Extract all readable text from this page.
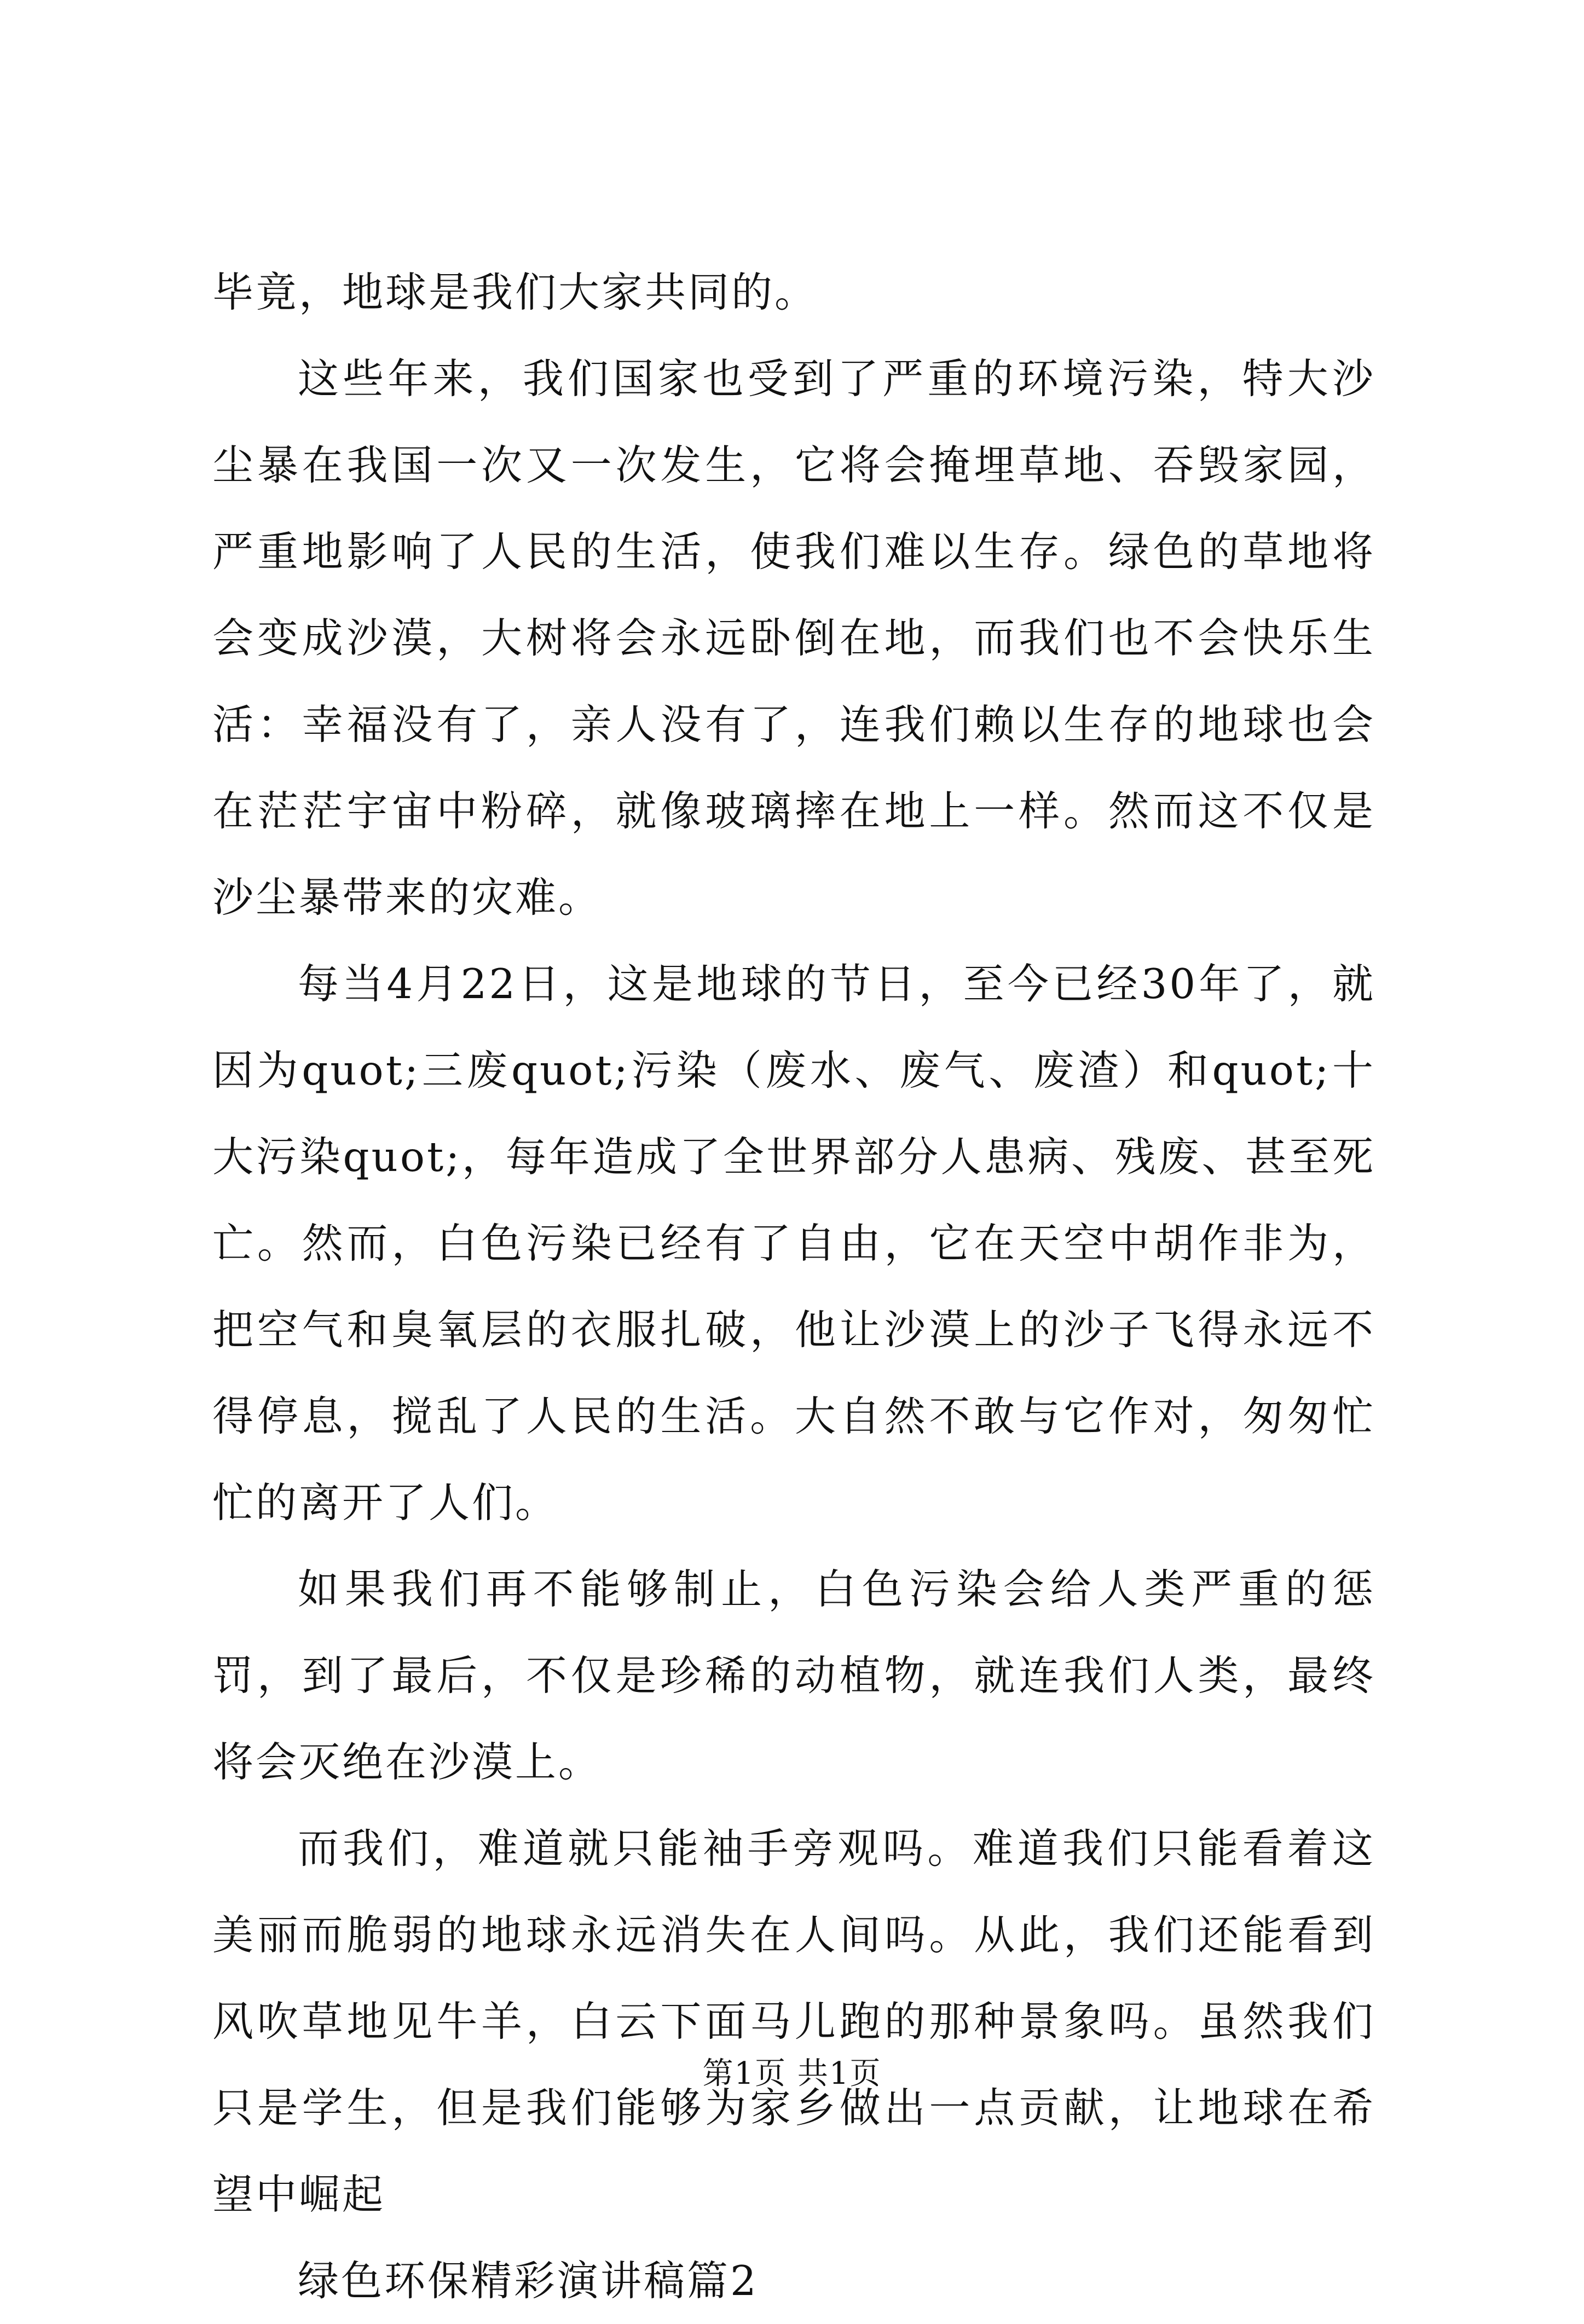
毕竟，地球是我们大家共同的。

这些年来，我们国家也受到了严重的环境污染，特大沙尘暴在我国一次又一次发生，它将会掩埋草地、吞毁家园，严重地影响了人民的生活，使我们难以生存。绿色的草地将会变成沙漠，大树将会永远卧倒在地，而我们也不会快乐生活：幸福没有了，亲人没有了，连我们赖以生存的地球也会在茫茫宇宙中粉碎，就像玻璃摔在地上一样。然而这不仅是沙尘暴带来的灾难。

每当4月22日，这是地球的节日，至今已经30年了，就因为quot;三废quot;污染（废水、废气、废渣）和quot;十大污染quot;，每年造成了全世界部分人患病、残废、甚至死亡。然而，白色污染已经有了自由，它在天空中胡作非为，把空气和臭氧层的衣服扎破，他让沙漠上的沙子飞得永远不得停息，搅乱了人民的生活。大自然不敢与它作对，匆匆忙忙的离开了人们。

如果我们再不能够制止，白色污染会给人类严重的惩罚，到了最后，不仅是珍稀的动植物，就连我们人类，最终将会灭绝在沙漠上。

而我们，难道就只能袖手旁观吗。难道我们只能看着这美丽而脆弱的地球永远消失在人间吗。从此，我们还能看到风吹草地见牛羊，白云下面马儿跑的那种景象吗。虽然我们只是学生，但是我们能够为家乡做出一点贡献，让地球在希望中崛起

绿色环保精彩演讲稿篇2

第1页 共1页
